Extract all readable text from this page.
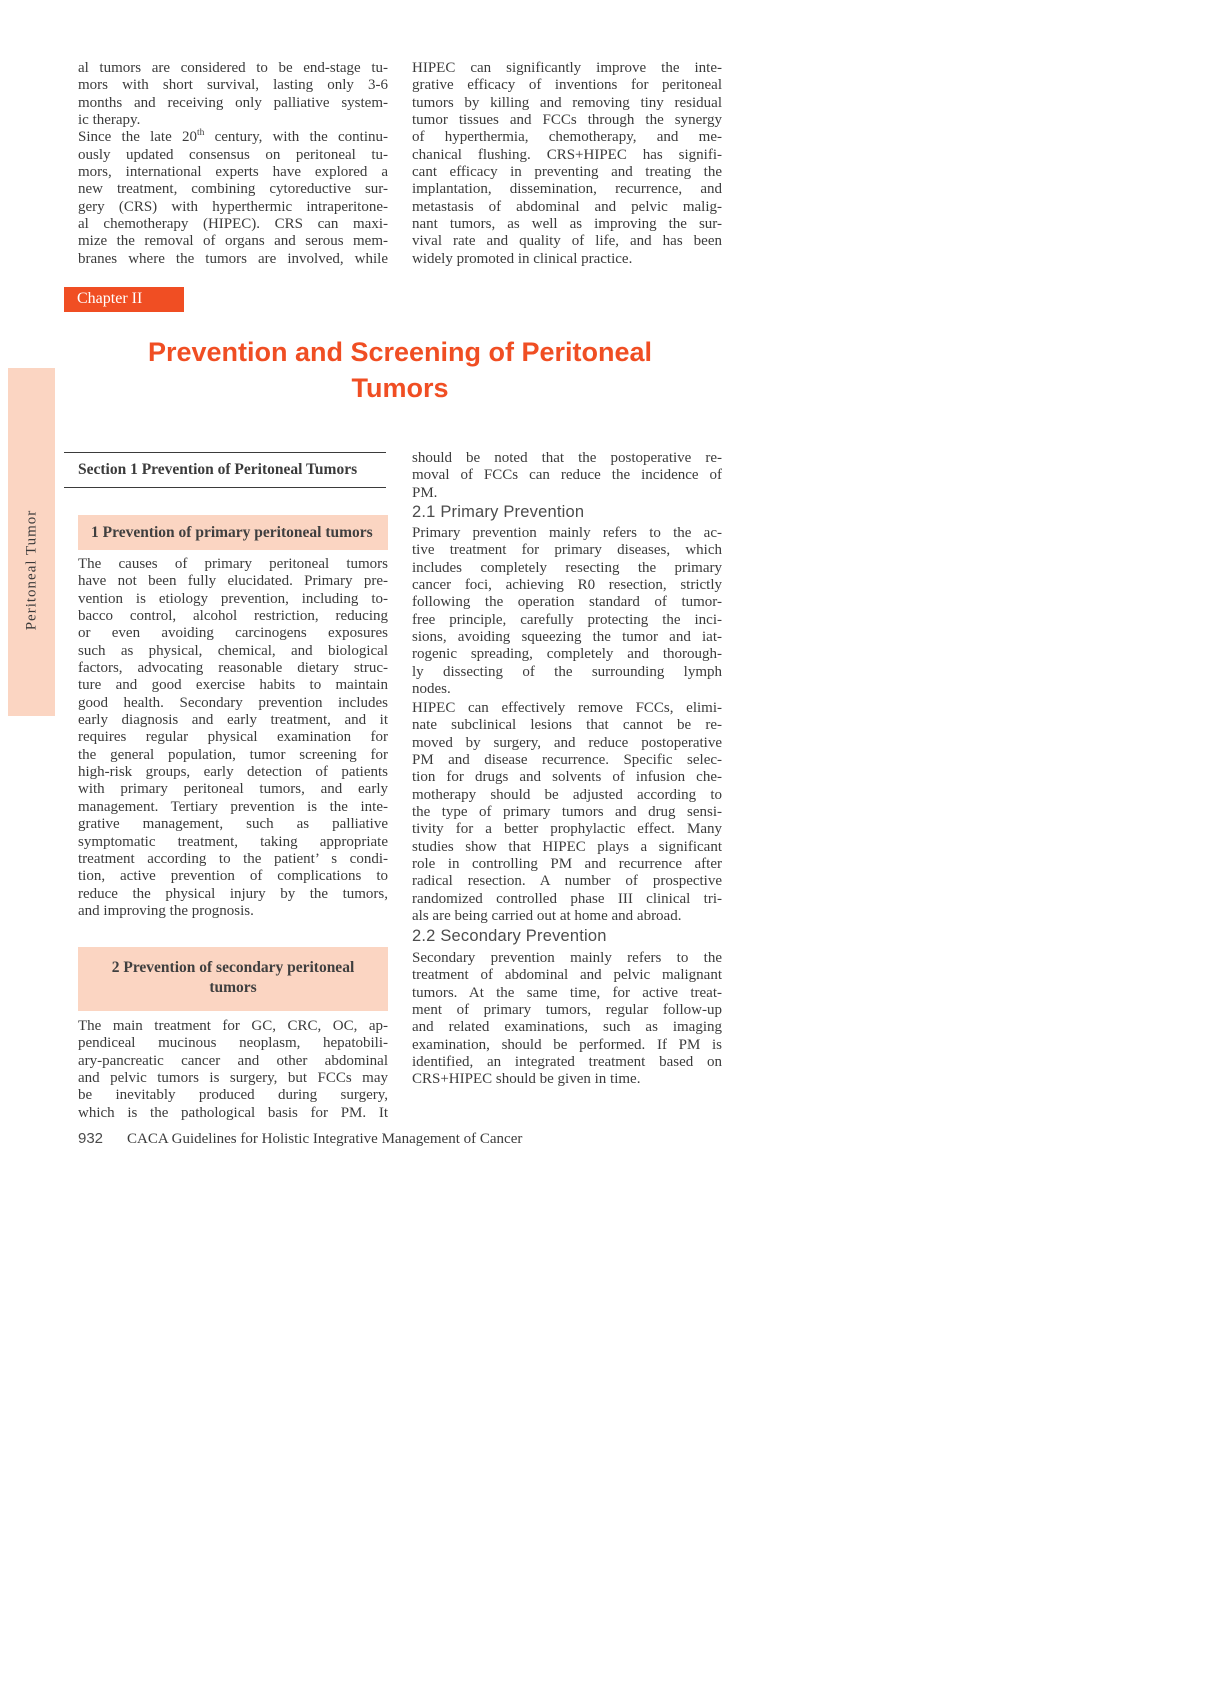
al tumors are considered to be end-stage tu-
mors with short survival, lasting only 3-6
months and receiving only palliative system-
ic therapy.
Since the late 20th century, with the continu-
ously updated consensus on peritoneal tu-
mors, international experts have explored a
new treatment, combining cytoreductive sur-
gery (CRS) with hyperthermic intraperitone-
al chemotherapy (HIPEC). CRS can maxi-
mize the removal of organs and serous mem-
branes where the tumors are involved, while
HIPEC can significantly improve the inte-
grative efficacy of inventions for peritoneal
tumors by killing and removing tiny residual
tumor tissues and FCCs through the synergy
of hyperthermia, chemotherapy, and me-
chanical flushing. CRS+HIPEC has signifi-
cant efficacy in preventing and treating the
implantation, dissemination, recurrence, and
metastasis of abdominal and pelvic malig-
nant tumors, as well as improving the sur-
vival rate and quality of life, and has been
widely promoted in clinical practice.
Chapter II
Prevention and Screening of Peritoneal
Tumors
Peritoneal Tumor
Section 1 Prevention of Peritoneal Tumors
1 Prevention of primary peritoneal tumors
The causes of primary peritoneal tumors
have not been fully elucidated. Primary pre-
vention is etiology prevention, including to-
bacco control, alcohol restriction, reducing
or even avoiding carcinogens exposures
such as physical, chemical, and biological
factors, advocating reasonable dietary struc-
ture and good exercise habits to maintain
good health. Secondary prevention includes
early diagnosis and early treatment, and it
requires regular physical examination for
the general population, tumor screening for
high-risk groups, early detection of patients
with primary peritoneal tumors, and early
management. Tertiary prevention is the inte-
grative management, such as palliative
symptomatic treatment, taking appropriate
treatment according to the patient’ s condi-
tion, active prevention of complications to
reduce the physical injury by the tumors,
and improving the prognosis.
2 Prevention of secondary peritoneal
tumors
The main treatment for GC, CRC, OC, ap-
pendiceal mucinous neoplasm, hepatobili-
ary-pancreatic cancer and other abdominal
and pelvic tumors is surgery, but FCCs may
be inevitably produced during surgery,
which is the pathological basis for PM. It
should be noted that the postoperative re-
moval of FCCs can reduce the incidence of
PM.
2.1 Primary Prevention
Primary prevention mainly refers to the ac-
tive treatment for primary diseases, which
includes completely resecting the primary
cancer foci, achieving R0 resection, strictly
following the operation standard of tumor-
free principle, carefully protecting the inci-
sions, avoiding squeezing the tumor and iat-
rogenic spreading, completely and thorough-
ly dissecting of the surrounding lymph
nodes.
HIPEC can effectively remove FCCs, elimi-
nate subclinical lesions that cannot be re-
moved by surgery, and reduce postoperative
PM and disease recurrence. Specific selec-
tion for drugs and solvents of infusion che-
motherapy should be adjusted according to
the type of primary tumors and drug sensi-
tivity for a better prophylactic effect. Many
studies show that HIPEC plays a significant
role in controlling PM and recurrence after
radical resection. A number of prospective
randomized controlled phase III clinical tri-
als are being carried out at home and abroad.
2.2 Secondary Prevention
Secondary prevention mainly refers to the
treatment of abdominal and pelvic malignant
tumors. At the same time, for active treat-
ment of primary tumors, regular follow-up
and related examinations, such as imaging
examination, should be performed. If PM is
identified, an integrated treatment based on
CRS+HIPEC should be given in time.
932 CACA Guidelines for Holistic Integrative Management of Cancer
